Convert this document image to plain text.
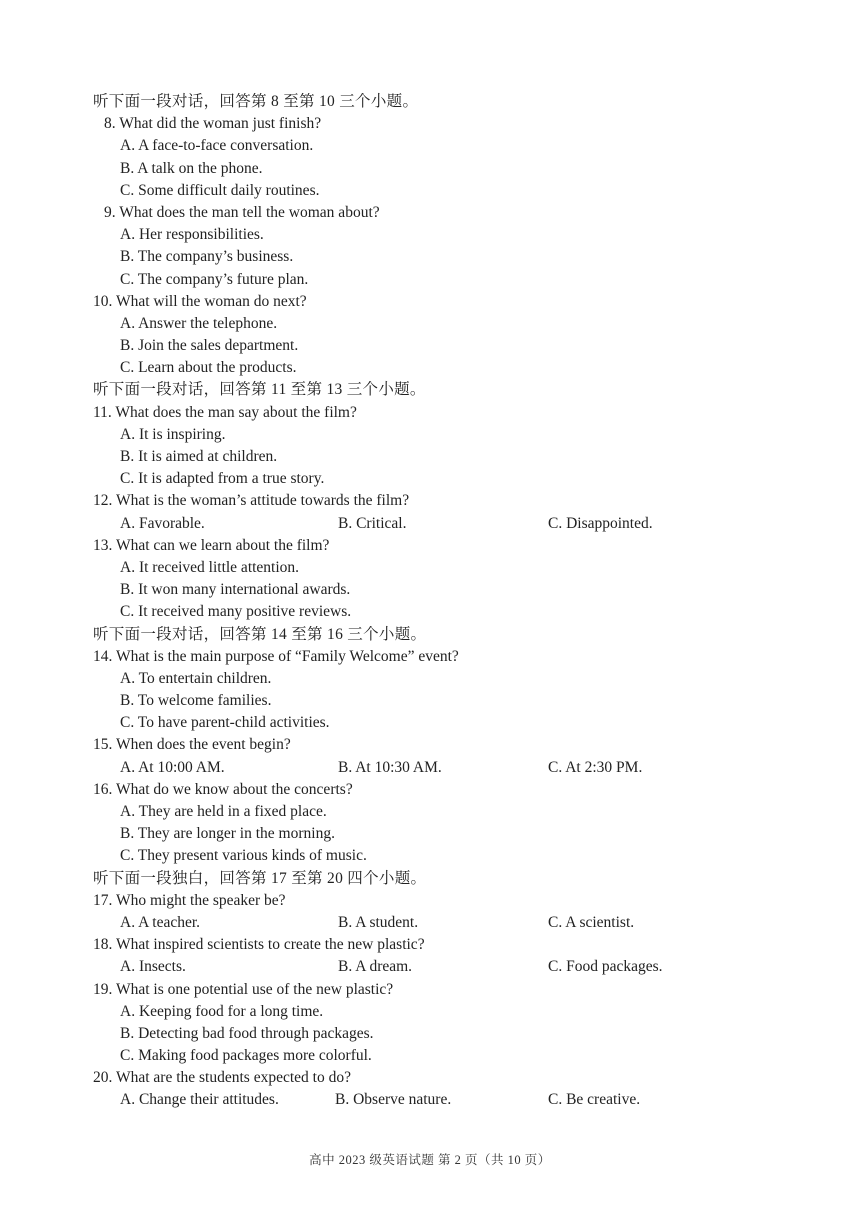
听下面一段对话，回答第 8 至第 10 三个小题。
8. What did the woman just finish?
A. A face-to-face conversation.
B. A talk on the phone.
C. Some difficult daily routines.
9. What does the man tell the woman about?
A. Her responsibilities.
B. The company’s business.
C. The company’s future plan.
10. What will the woman do next?
A. Answer the telephone.
B. Join the sales department.
C. Learn about the products.
听下面一段对话，回答第 11 至第 13 三个小题。
11. What does the man say about the film?
A. It is inspiring.
B. It is aimed at children.
C. It is adapted from a true story.
12. What is the woman’s attitude towards the film?
A. Favorable.	B. Critical.	C. Disappointed.
13. What can we learn about the film?
A. It received little attention.
B. It won many international awards.
C. It received many positive reviews.
听下面一段对话，回答第 14 至第 16 三个小题。
14. What is the main purpose of “Family Welcome” event?
A. To entertain children.
B. To welcome families.
C. To have parent-child activities.
15. When does the event begin?
A. At 10:00 AM.	B. At 10:30 AM.	C. At 2:30 PM.
16. What do we know about the concerts?
A. They are held in a fixed place.
B. They are longer in the morning.
C. They present various kinds of music.
听下面一段独白，回答第 17 至第 20 四个小题。
17. Who might the speaker be?
A. A teacher.	B. A student.	C. A scientist.
18. What inspired scientists to create the new plastic?
A. Insects.	B. A dream.	C. Food packages.
19. What is one potential use of the new plastic?
A. Keeping food for a long time.
B. Detecting bad food through packages.
C. Making food packages more colorful.
20. What are the students expected to do?
A. Change their attitudes.	B. Observe nature.	C. Be creative.
高中 2023 级英语试题 第 2 页（共 10 页）
